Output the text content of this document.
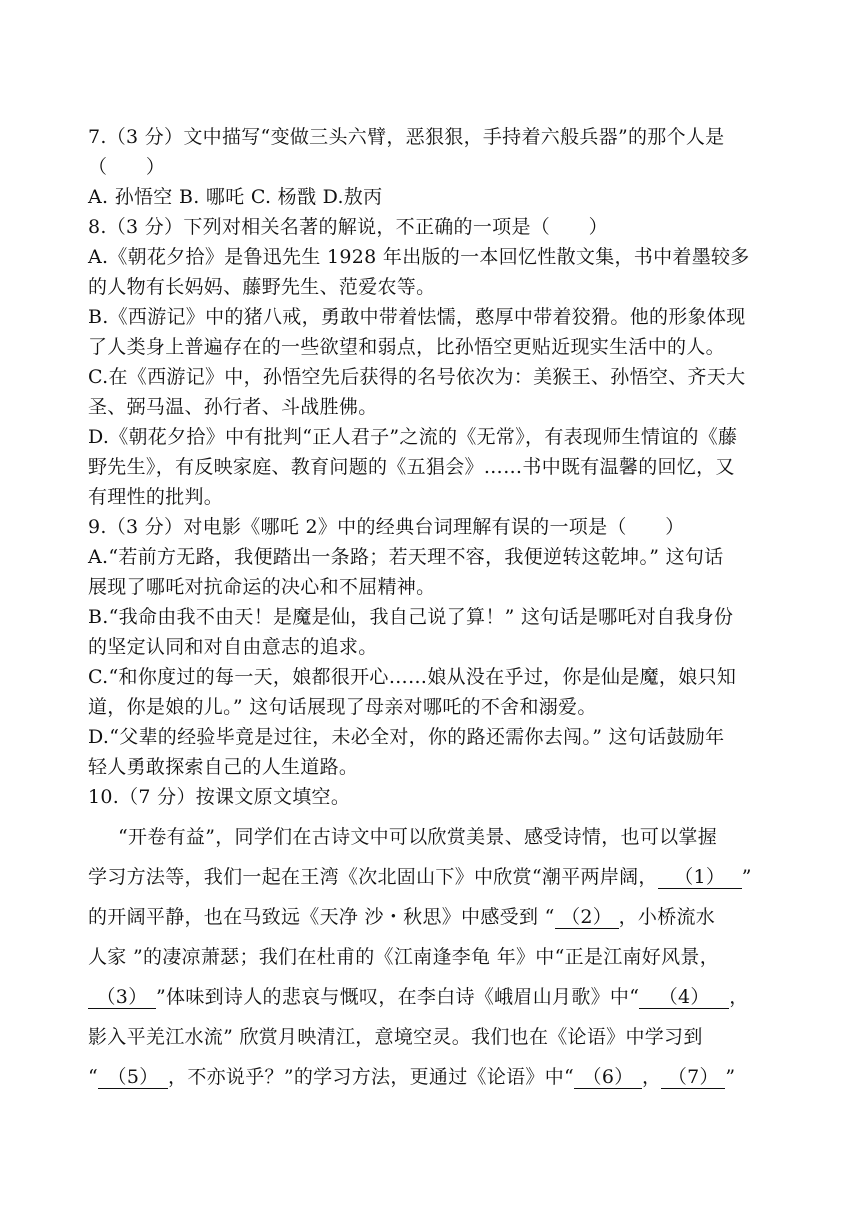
7.（3 分）文中描写“变做三头六臂，恶狠狠，手持着六般兵器”的那个人是
（　　）
A. 孙悟空 B. 哪吒 C. 杨戬 D.敖丙
8.（3 分）下列对相关名著的解说，不正确的一项是（　　）
A.《朝花夕拾》是鲁迅先生 1928 年出版的一本回忆性散文集，书中着墨较多
的人物有长妈妈、藤野先生、范爱农等。
B.《西游记》中的猪八戒，勇敢中带着怯懦，憨厚中带着狡猾。他的形象体现
了人类身上普遍存在的一些欲望和弱点，比孙悟空更贴近现实生活中的人。
C.在《西游记》中，孙悟空先后获得的名号依次为：美猴王、孙悟空、齐天大
圣、弼马温、孙行者、斗战胜佛。
D.《朝花夕拾》中有批判“正人君子”之流的《无常》，有表现师生情谊的《藤
野先生》，有反映家庭、教育问题的《五猖会》……书中既有温馨的回忆，又
有理性的批判。
9.（3 分）对电影《哪吒 2》中的经典台词理解有误的一项是（　　）
A.“若前方无路，我便踏出一条路；若天理不容，我便逆转这乾坤。” 这句话
展现了哪吒对抗命运的决心和不屈精神。
B.“我命由我不由天！是魔是仙，我自己说了算！” 这句话是哪吒对自我身份
的坚定认同和对自由意志的追求。
C.“和你度过的每一天，娘都很开心……娘从没在乎过，你是仙是魔，娘只知
道，你是娘的儿。” 这句话展现了母亲对哪吒的不舍和溺爱。
D.“父辈的经验毕竟是过往，未必全对，你的路还需你去闯。” 这句话鼓励年
轻人勇敢探索自己的人生道路。
10.（7 分）按课文原文填空。
“开卷有益”，同学们在古诗文中可以欣赏美景、感受诗情，也可以掌握
学习方法等，我们一起在王湾《次北固山下》中欣赏“潮平两岸阔， （1） ”
的开阔平静，也在马致远《天净 沙・秋思》中感受到 “ （2） ，小桥流水
人家 ”的凄凉萧瑟；我们在杜甫的《江南逢李龟 年》中“正是江南好风景，
（3） ”体味到诗人的悲哀与慨叹，在李白诗《峨眉山月歌》中“ （4） ，
影入平羌江水流” 欣赏月映清江，意境空灵。我们也在《论语》中学习到
“ （5） ，不亦说乎？”的学习方法，更通过《论语》中“ （6） ， （7） ”
